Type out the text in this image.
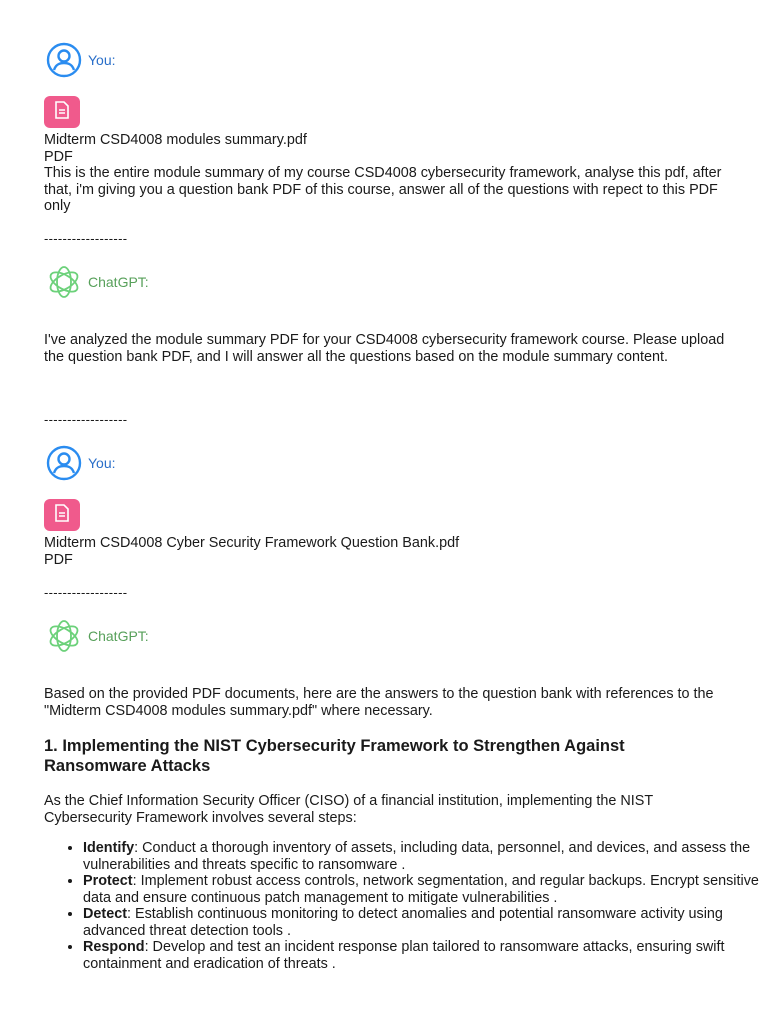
You:

Midterm CSD4008 modules summary.pdf

PDF

This is the entire module summary of my course CSD4008 cybersecurity framework, analyse this pdf, after that, i'm giving you a question bank PDF of this course, answer all of the questions with repect to this PDF only

------------------
ChatGPT:

I've analyzed the module summary PDF for your CSD4008 cybersecurity framework course. Please upload the question bank PDF, and I will answer all the questions based on the module summary content.

------------------
You:

Midterm CSD4008 Cyber Security Framework Question Bank.pdf

PDF

------------------
ChatGPT:

Based on the provided PDF documents, here are the answers to the question bank with references to the "Midterm CSD4008 modules summary.pdf" where necessary.

1. Implementing the NIST Cybersecurity Framework to Strengthen Against Ransomware Attacks

As the Chief Information Security Officer (CISO) of a financial institution, implementing the NIST Cybersecurity Framework involves several steps:

• Identify: Conduct a thorough inventory of assets, including data, personnel, and devices, and assess the vulnerabilities and threats specific to ransomware .
• Protect: Implement robust access controls, network segmentation, and regular backups. Encrypt sensitive data and ensure continuous patch management to mitigate vulnerabilities .
• Detect: Establish continuous monitoring to detect anomalies and potential ransomware activity using advanced threat detection tools .
• Respond: Develop and test an incident response plan tailored to ransomware attacks, ensuring swift containment and eradication of threats .
